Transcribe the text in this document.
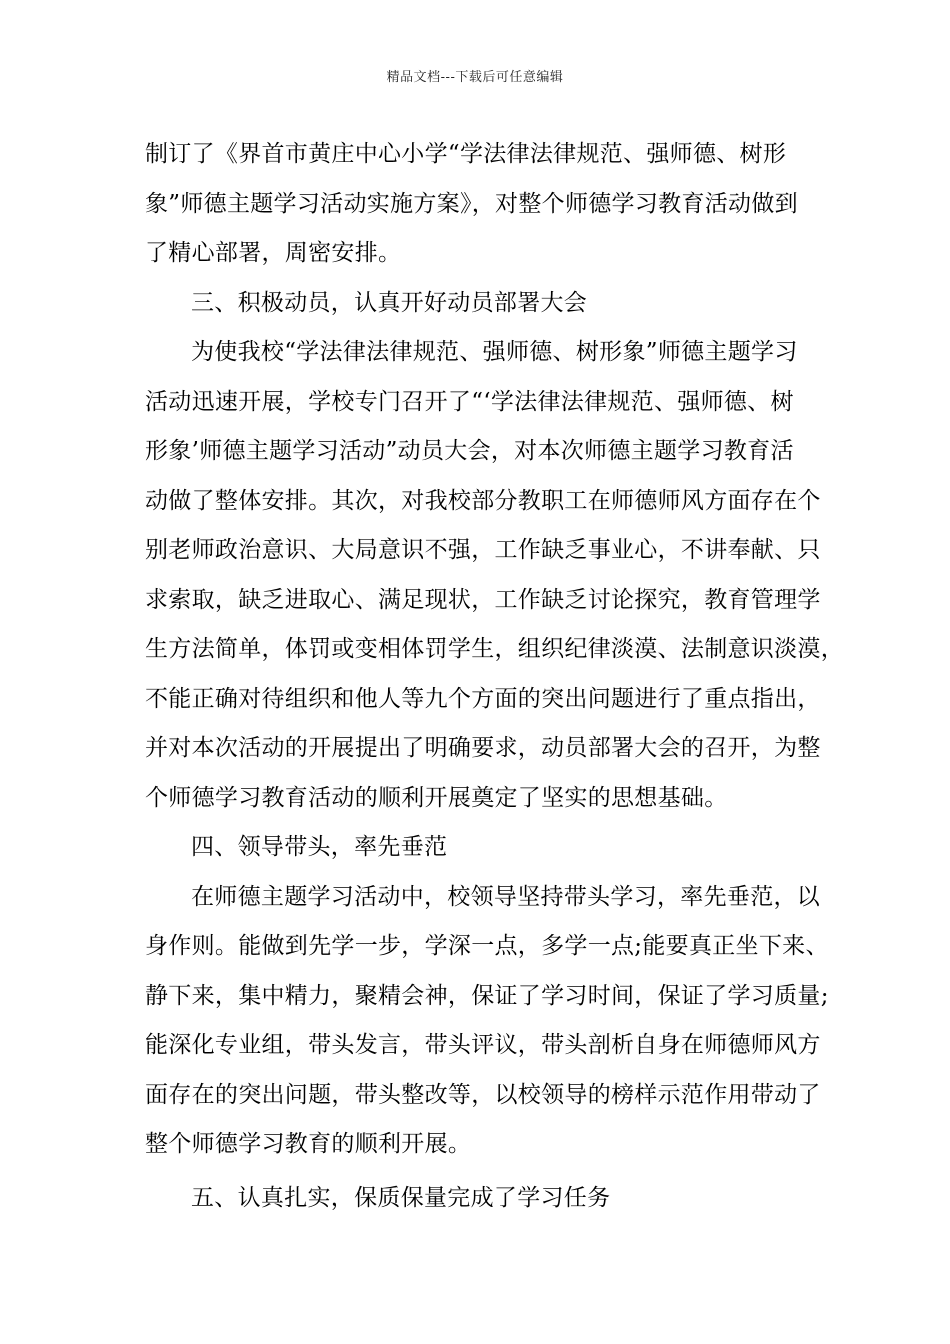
精品文档---下载后可任意编辑
制订了《界首市黄庄中心小学“学法律法律规范、强师德、树形
象”师德主题学习活动实施方案》，对整个师德学习教育活动做到
了精心部署，周密安排。
三、积极动员，认真开好动员部署大会
为使我校“学法律法律规范、强师德、树形象”师德主题学习
活动迅速开展，学校专门召开了“‘学法律法律规范、强师德、树
形象’师德主题学习活动”动员大会，对本次师德主题学习教育活
动做了整体安排。其次，对我校部分教职工在师德师风方面存在个
别老师政治意识、大局意识不强，工作缺乏事业心，不讲奉献、只
求索取，缺乏进取心、满足现状，工作缺乏讨论探究，教育管理学
生方法简单，体罚或变相体罚学生，组织纪律淡漠、法制意识淡漠，
不能正确对待组织和他人等九个方面的突出问题进行了重点指出，
并对本次活动的开展提出了明确要求，动员部署大会的召开，为整
个师德学习教育活动的顺利开展奠定了坚实的思想基础。
四、领导带头，率先垂范
在师德主题学习活动中，校领导坚持带头学习，率先垂范，以
身作则。能做到先学一步，学深一点，多学一点;能要真正坐下来、
静下来，集中精力，聚精会神，保证了学习时间，保证了学习质量;
能深化专业组，带头发言，带头评议，带头剖析自身在师德师风方
面存在的突出问题，带头整改等，以校领导的榜样示范作用带动了
整个师德学习教育的顺利开展。
五、认真扎实，保质保量完成了学习任务
